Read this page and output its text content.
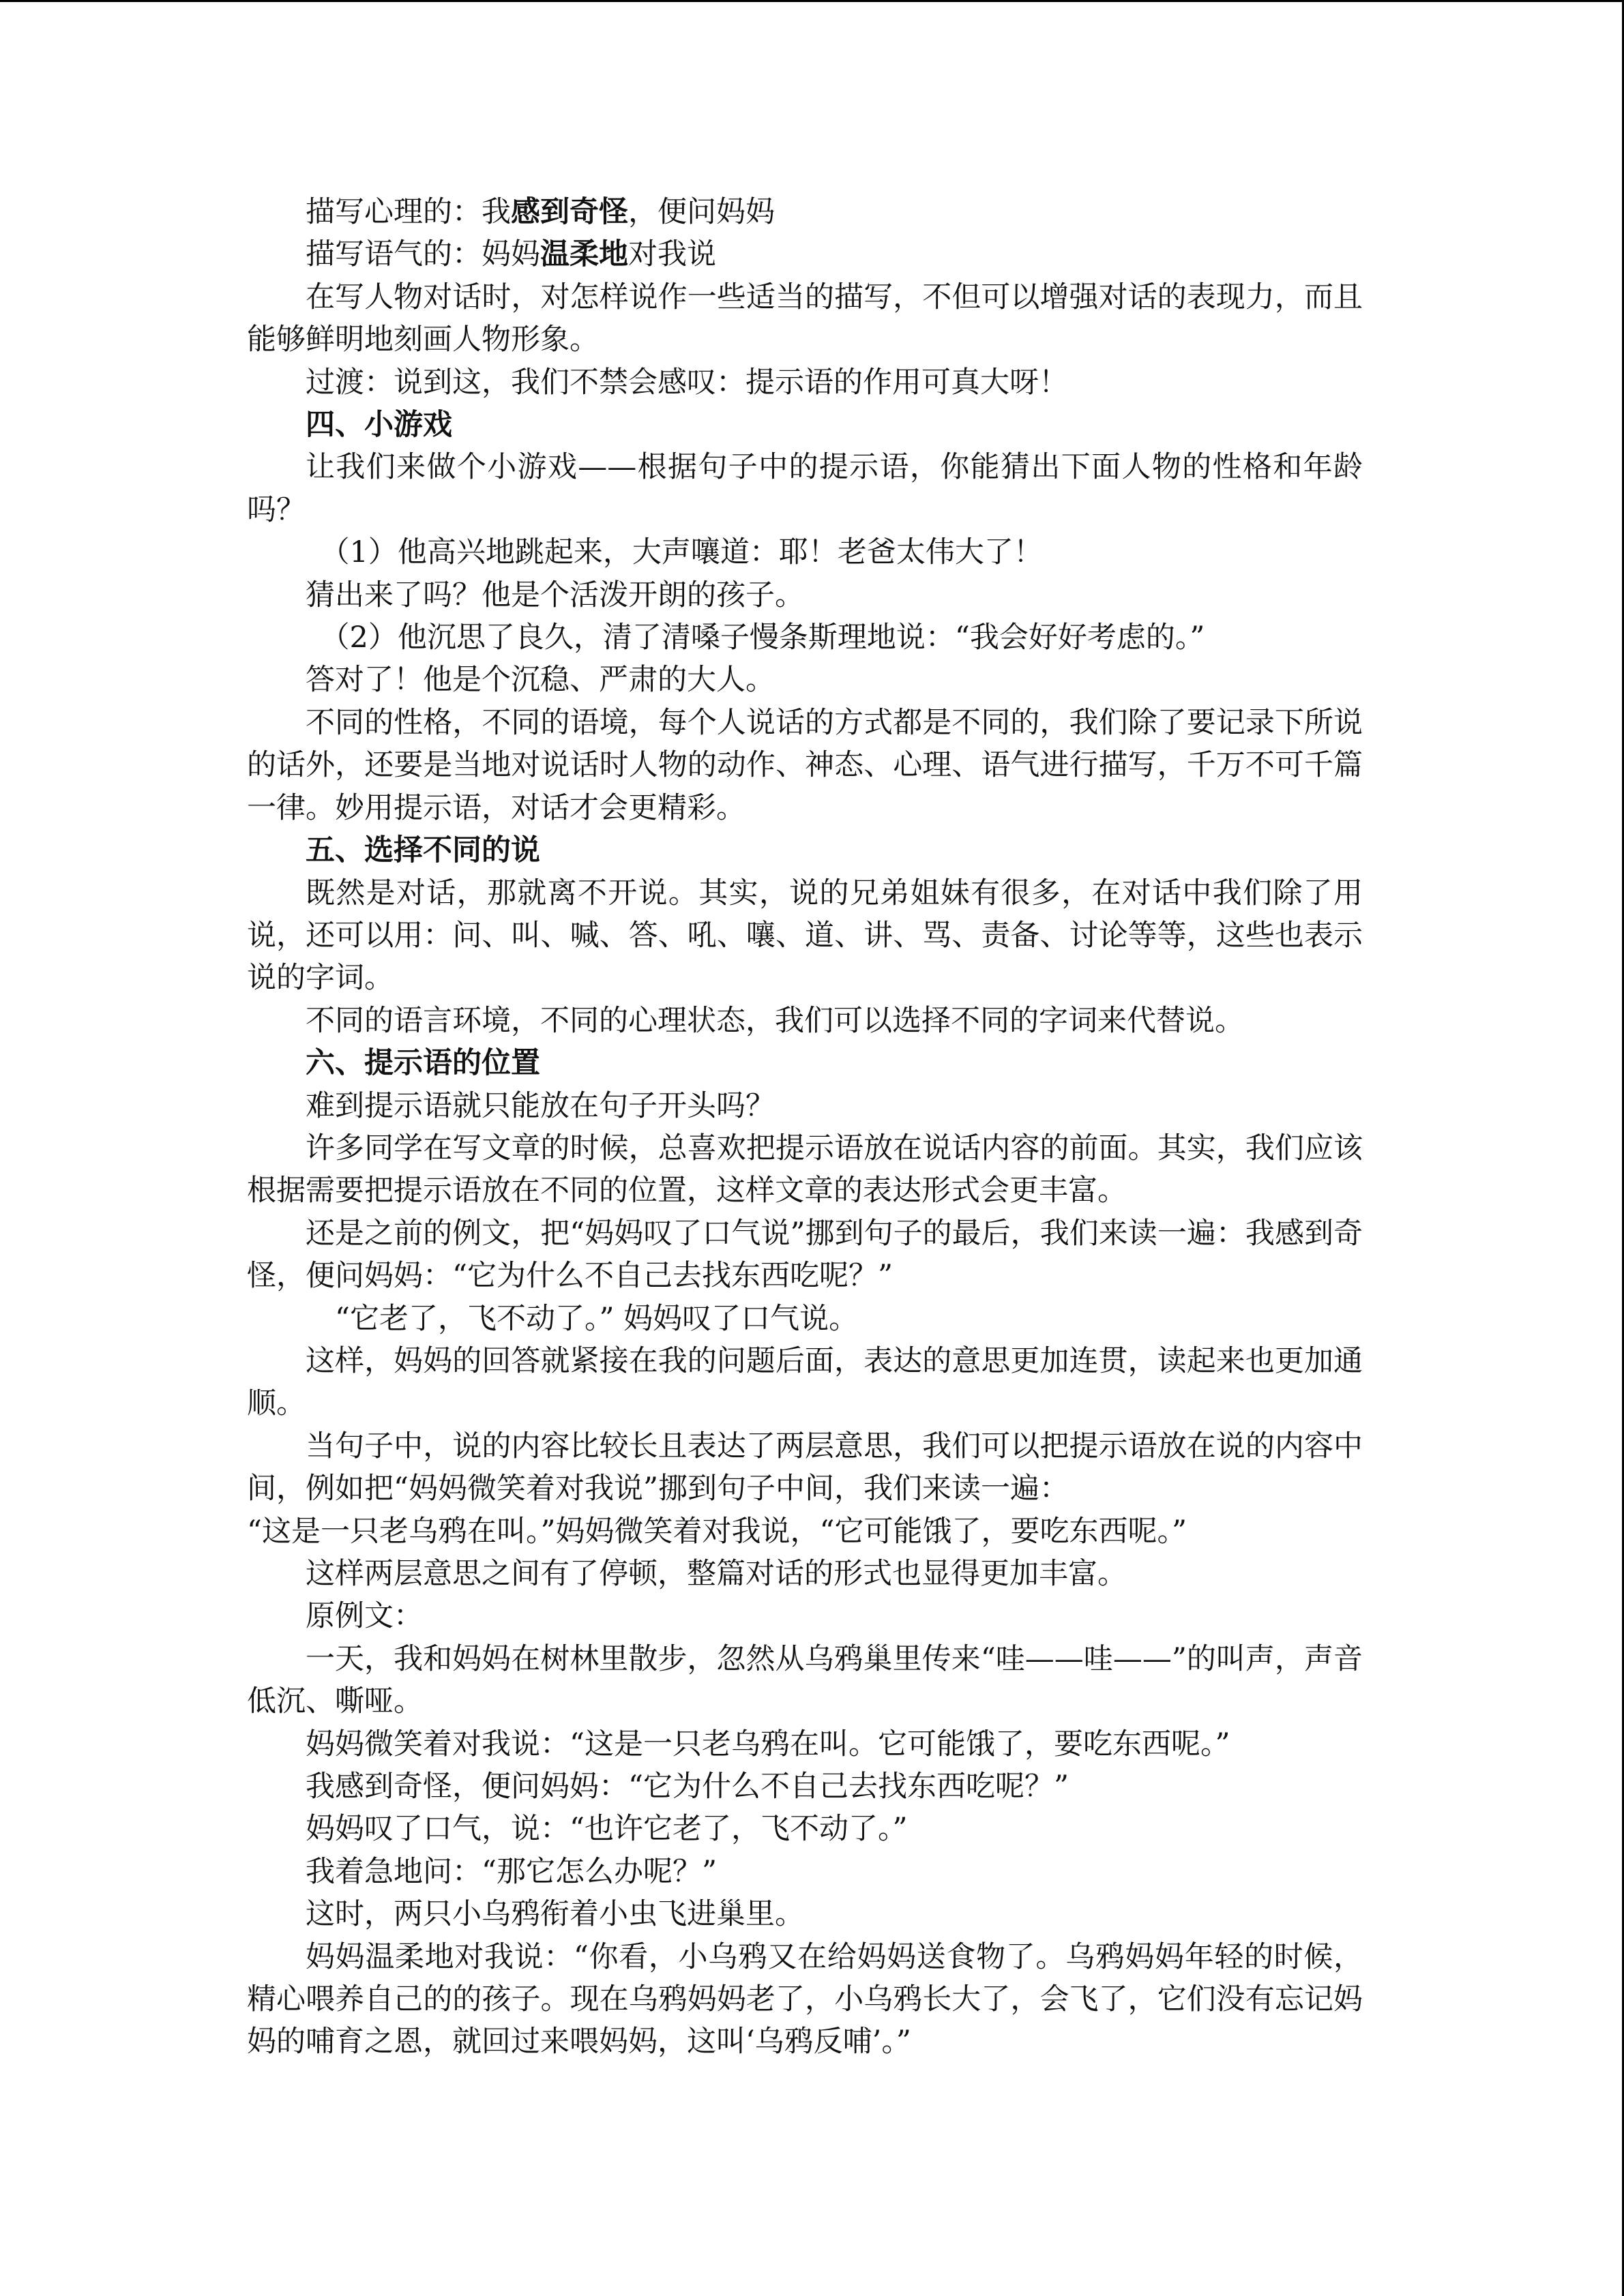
描写心理的：我感到奇怪，便问妈妈

描写语气的：妈妈温柔地对我说

在写人物对话时，对怎样说作一些适当的描写，不但可以增强对话的表现力，而且能够鲜明地刻画人物形象。

过渡：说到这，我们不禁会感叹：提示语的作用可真大呀！

四、小游戏

让我们来做个小游戏——根据句子中的提示语，你能猜出下面人物的性格和年龄吗？

（1）他高兴地跳起来，大声嚷道：耶！老爸太伟大了！

猜出来了吗？他是个活泼开朗的孩子。

（2）他沉思了良久，清了清嗓子慢条斯理地说：“我会好好考虑的。”

答对了！他是个沉稳、严肃的大人。

不同的性格，不同的语境，每个人说话的方式都是不同的，我们除了要记录下所说的话外，还要是当地对说话时人物的动作、神态、心理、语气进行描写，千万不可千篇一律。妙用提示语，对话才会更精彩。

五、选择不同的说

既然是对话，那就离不开说。其实，说的兄弟姐妹有很多，在对话中我们除了用说，还可以用：问、叫、喊、答、吼、嚷、道、讲、骂、责备、讨论等等，这些也表示说的字词。

不同的语言环境，不同的心理状态，我们可以选择不同的字词来代替说。

六、提示语的位置

难到提示语就只能放在句子开头吗？

许多同学在写文章的时候，总喜欢把提示语放在说话内容的前面。其实，我们应该根据需要把提示语放在不同的位置，这样文章的表达形式会更丰富。

还是之前的例文，把“妈妈叹了口气说”挪到句子的最后，我们来读一遍：我感到奇怪，便问妈妈：“它为什么不自己去找东西吃呢？”

“它老了，飞不动了。” 妈妈叹了口气说。

这样，妈妈的回答就紧接在我的问题后面，表达的意思更加连贯，读起来也更加通顺。

当句子中，说的内容比较长且表达了两层意思，我们可以把提示语放在说的内容中间，例如把“妈妈微笑着对我说”挪到句子中间，我们来读一遍：

“这是一只老乌鸦在叫。”妈妈微笑着对我说，“它可能饿了，要吃东西呢。”

这样两层意思之间有了停顿，整篇对话的形式也显得更加丰富。

原例文：

一天，我和妈妈在树林里散步，忽然从乌鸦巢里传来“哇——哇——”的叫声，声音低沉、嘶哑。

妈妈微笑着对我说：“这是一只老乌鸦在叫。它可能饿了，要吃东西呢。”

我感到奇怪，便问妈妈：“它为什么不自己去找东西吃呢？”

妈妈叹了口气，说：“也许它老了，飞不动了。”

我着急地问：“那它怎么办呢？”

这时，两只小乌鸦衔着小虫飞进巢里。

妈妈温柔地对我说：“你看，小乌鸦又在给妈妈送食物了。乌鸦妈妈年轻的时候，精心喂养自己的的孩子。现在乌鸦妈妈老了，小乌鸦长大了，会飞了，它们没有忘记妈妈的哺育之恩，就回过来喂妈妈，这叫‘乌鸦反哺’。”
